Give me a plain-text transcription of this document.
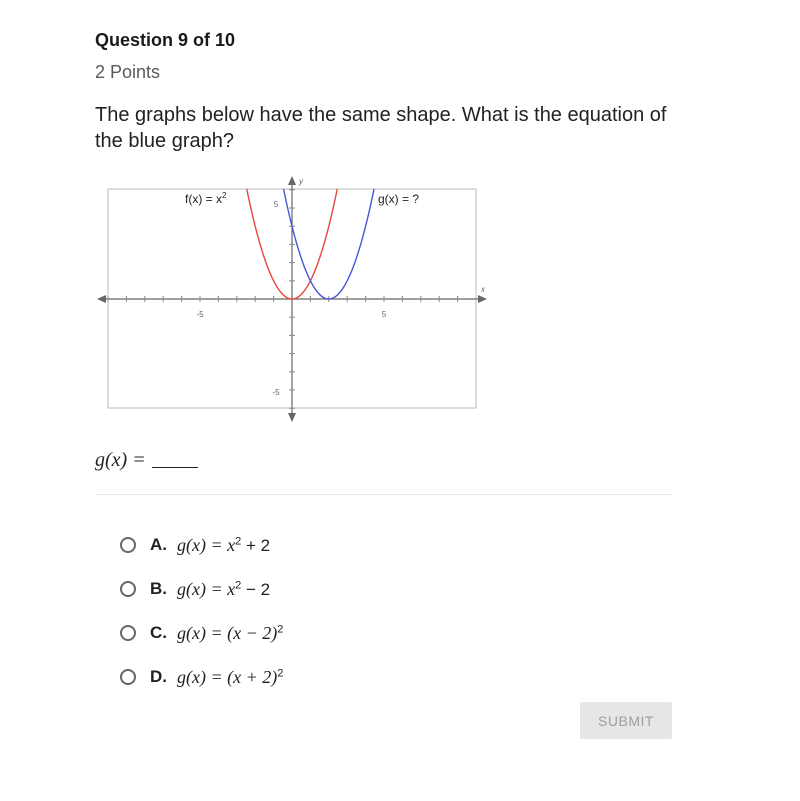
Question 9 of 10
2 Points
The graphs below have the same shape. What is the equation of the blue graph?
-5	5
5
-5
x
y
$f(x) = x^2$	g(x) = ?
g(x) =
A. $g(x) = x^2 + 2$
B. $g(x) = x^2 - 2$
C. $g(x) = (x - 2)^2$
D. $g(x) = (x + 2)^2$
SUBMIT
